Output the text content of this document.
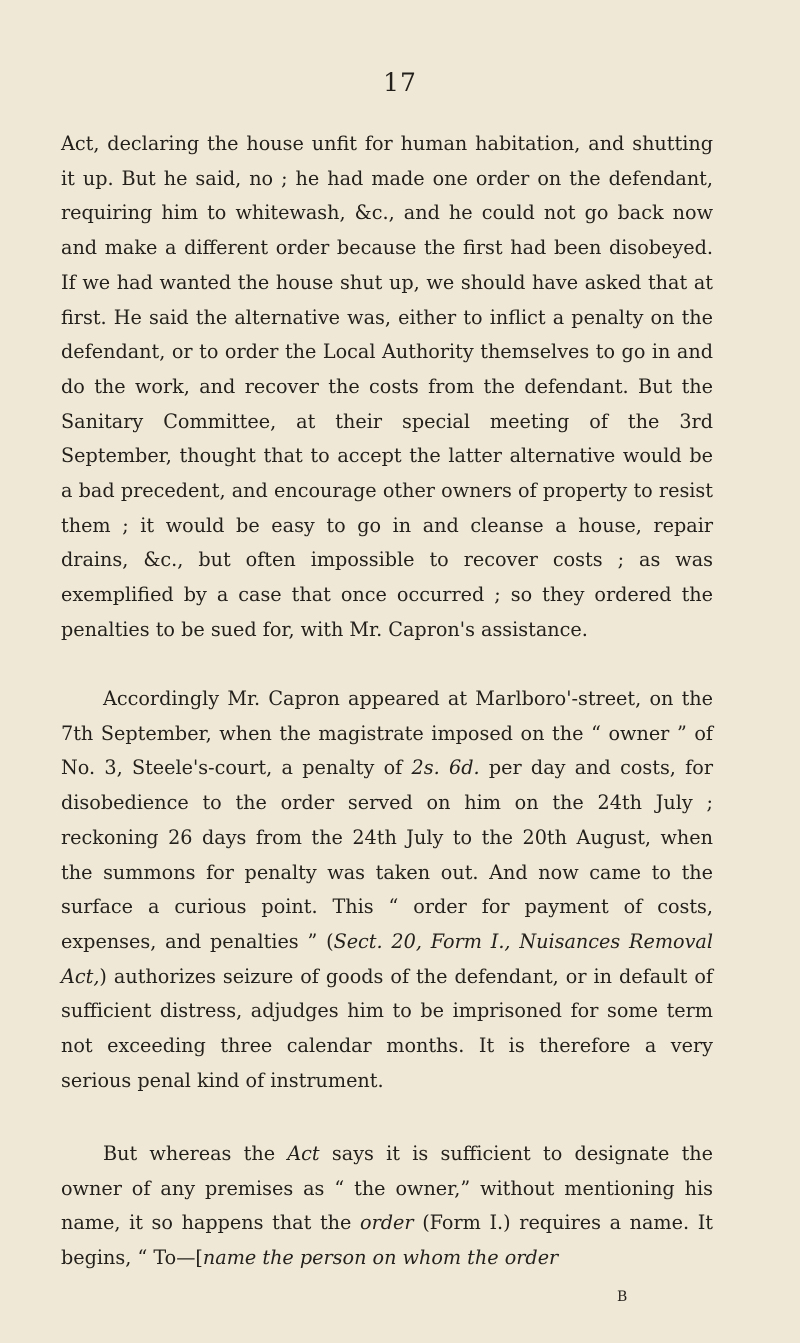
17

Act, declaring the house unfit for human habitation, and shutting it up. But he said, no ; he had made one order on the defendant, requiring him to whitewash, &c., and he could not go back now and make a different order because the first had been disobeyed. If we had wanted the house shut up, we should have asked that at first. He said the alternative was, either to inflict a penalty on the defendant, or to order the Local Authority themselves to go in and do the work, and recover the costs from the defendant. But the Sanitary Committee, at their special meeting of the 3rd September, thought that to accept the latter alternative would be a bad precedent, and encourage other owners of property to resist them ; it would be easy to go in and cleanse a house, repair drains, &c., but often impossible to recover costs ; as was exemplified by a case that once occurred ; so they ordered the penalties to be sued for, with Mr. Capron's assistance.

Accordingly Mr. Capron appeared at Marlboro'-street, on the 7th September, when the magistrate imposed on the “ owner ” of No. 3, Steele's-court, a penalty of 2s. 6d. per day and costs, for disobedience to the order served on him on the 24th July ; reckoning 26 days from the 24th July to the 20th August, when the summons for penalty was taken out. And now came to the surface a curious point. This “ order for payment of costs, expenses, and penalties ” (Sect. 20, Form I., Nuisances Removal Act,) authorizes seizure of goods of the defendant, or in default of sufficient distress, adjudges him to be imprisoned for some term not exceeding three calendar months. It is therefore a very serious penal kind of instrument.

But whereas the Act says it is sufficient to designate the owner of any premises as “ the owner,” without mentioning his name, it so happens that the order (Form I.) requires a name. It begins, “ To—[name the person on whom the order

B
